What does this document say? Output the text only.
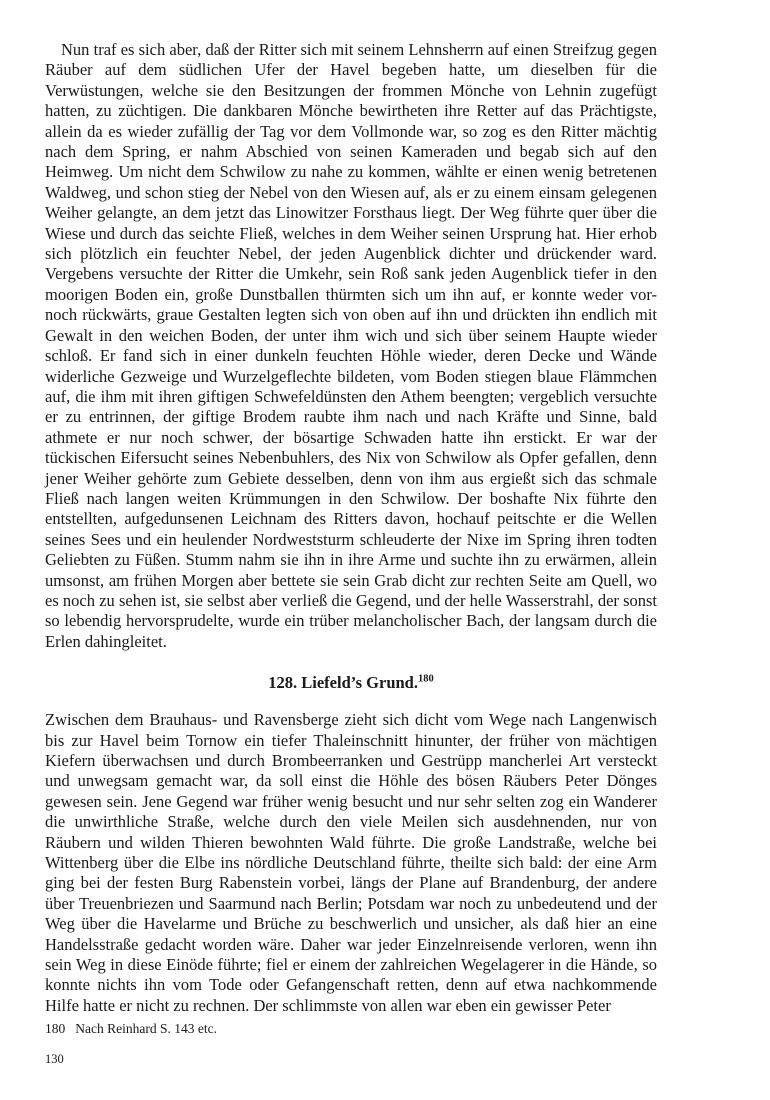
Nun traf es sich aber, daß der Ritter sich mit seinem Lehnsherrn auf einen Streifzug gegen Räuber auf dem südlichen Ufer der Havel begeben hatte, um dieselben für die Verwüstungen, welche sie den Besitzungen der frommen Mönche von Lehnin zugefügt hatten, zu züchtigen. Die dankbaren Mönche bewirtheten ihre Retter auf das Prächtigste, allein da es wieder zufällig der Tag vor dem Vollmonde war, so zog es den Ritter mächtig nach dem Spring, er nahm Abschied von seinen Kameraden und begab sich auf den Heimweg. Um nicht dem Schwilow zu nahe zu kommen, wählte er einen wenig betretenen Waldweg, und schon stieg der Nebel von den Wiesen auf, als er zu einem einsam gelegenen Weiher gelangte, an dem jetzt das Linowitzer Forsthaus liegt. Der Weg führte quer über die Wiese und durch das seichte Fließ, welches in dem Weiher seinen Ursprung hat. Hier erhob sich plötzlich ein feuchter Nebel, der jeden Augenblick dichter und drückender ward. Vergebens versuchte der Ritter die Umkehr, sein Roß sank jeden Augenblick tiefer in den moorigen Boden ein, große Dunstballen thürmten sich um ihn auf, er konnte weder vor- noch rückwärts, graue Gestalten legten sich von oben auf ihn und drückten ihn endlich mit Gewalt in den weichen Boden, der unter ihm wich und sich über seinem Haupte wieder schloß. Er fand sich in einer dunkeln feuchten Höhle wieder, deren Decke und Wände widerliche Gezweige und Wurzelgeflechte bildeten, vom Boden stiegen blaue Flämmchen auf, die ihm mit ihren giftigen Schwefeldünsten den Athem beengten; vergeblich versuchte er zu entrinnen, der giftige Brodem raubte ihm nach und nach Kräfte und Sinne, bald athmete er nur noch schwer, der bösartige Schwaden hatte ihn erstickt. Er war der tückischen Eifersucht seines Nebenbuhlers, des Nix von Schwilow als Opfer gefallen, denn jener Weiher gehörte zum Gebiete desselben, denn von ihm aus ergießt sich das schmale Fließ nach langen weiten Krümmungen in den Schwilow. Der boshafte Nix führte den entstellten, aufgedunsenen Leichnam des Ritters davon, hochauf peitschte er die Wellen seines Sees und ein heulender Nordweststurm schleuderte der Nixe im Spring ihren todten Geliebten zu Füßen. Stumm nahm sie ihn in ihre Arme und suchte ihn zu erwärmen, allein umsonst, am frühen Morgen aber bettete sie sein Grab dicht zur rechten Seite am Quell, wo es noch zu sehen ist, sie selbst aber verließ die Gegend, und der helle Wasserstrahl, der sonst so lebendig hervorsprudelte, wurde ein trüber melancholischer Bach, der langsam durch die Erlen dahingleitet.

128. Liefeld’s Grund.$^{180}$

Zwischen dem Brauhaus- und Ravensberge zieht sich dicht vom Wege nach Langenwisch bis zur Havel beim Tornow ein tiefer Thaleinschnitt hinunter, der früher von mächtigen Kiefern überwachsen und durch Brombeerranken und Gestrüpp mancherlei Art versteckt und unwegsam gemacht war, da soll einst die Höhle des bösen Räubers Peter Dönges gewesen sein. Jene Gegend war früher wenig besucht und nur sehr selten zog ein Wanderer die unwirthliche Straße, welche durch den viele Meilen sich ausdehnenden, nur von Räubern und wilden Thieren bewohnten Wald führte. Die große Landstraße, welche bei Wittenberg über die Elbe ins nördliche Deutschland führte, theilte sich bald: der eine Arm ging bei der festen Burg Rabenstein vorbei, längs der Plane auf Brandenburg, der andere über Treuenbriezen und Saarmund nach Berlin; Potsdam war noch zu unbedeutend und der Weg über die Havelarme und Brüche zu beschwerlich und unsicher, als daß hier an eine Handelsstraße gedacht worden wäre. Daher war jeder Einzelnreisende verloren, wenn ihn sein Weg in diese Einöde führte; fiel er einem der zahlreichen Wegelagerer in die Hände, so konnte nichts ihn vom Tode oder Gefangenschaft retten, denn auf etwa nachkommende Hilfe hatte er nicht zu rechnen. Der schlimmste von allen war eben ein gewisser Peter

180 Nach Reinhard S. 143 etc.
130
